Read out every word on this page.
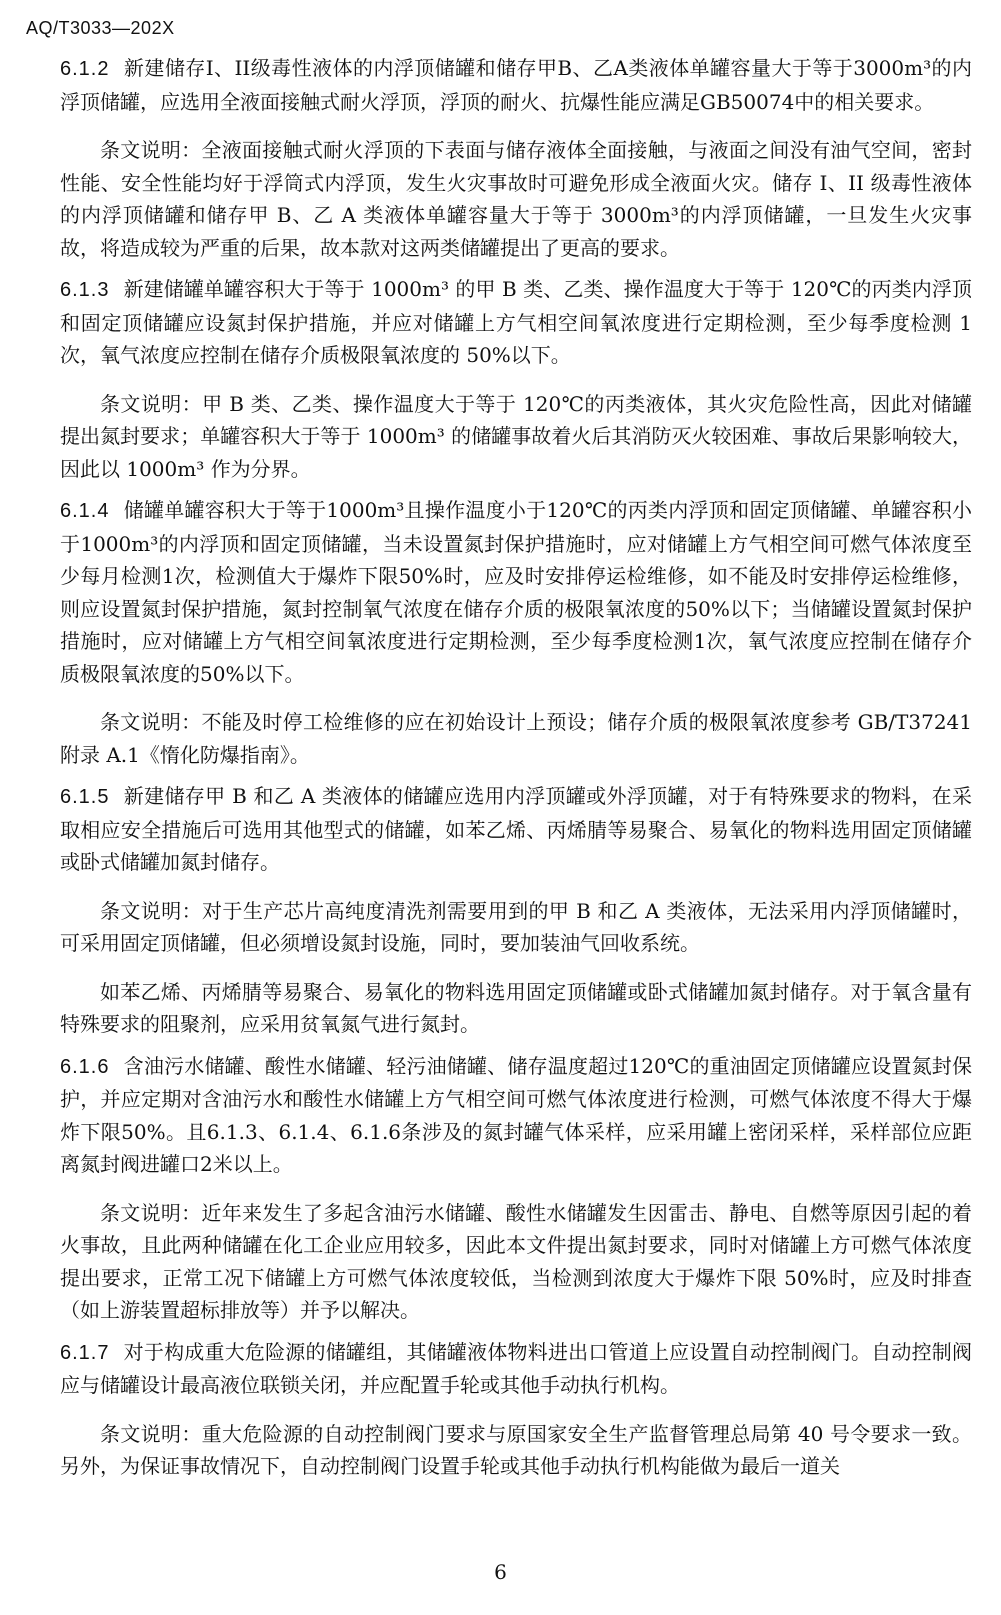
AQ/T3033—202X

6.1.2 新建储存I、II级毒性液体的内浮顶储罐和储存甲B、乙A类液体单罐容量大于等于3000m³的内浮顶储罐，应选用全液面接触式耐火浮顶，浮顶的耐火、抗爆性能应满足GB50074中的相关要求。

条文说明：全液面接触式耐火浮顶的下表面与储存液体全面接触，与液面之间没有油气空间，密封性能、安全性能均好于浮筒式内浮顶，发生火灾事故时可避免形成全液面火灾。储存 I、II 级毒性液体的内浮顶储罐和储存甲 B、乙 A 类液体单罐容量大于等于 3000m³的内浮顶储罐，一旦发生火灾事故，将造成较为严重的后果，故本款对这两类储罐提出了更高的要求。

6.1.3 新建储罐单罐容积大于等于 1000m³ 的甲 B 类、乙类、操作温度大于等于 120℃的丙类内浮顶和固定顶储罐应设氮封保护措施，并应对储罐上方气相空间氧浓度进行定期检测，至少每季度检测 1 次，氧气浓度应控制在储存介质极限氧浓度的 50%以下。

条文说明：甲 B 类、乙类、操作温度大于等于 120℃的丙类液体，其火灾危险性高，因此对储罐提出氮封要求；单罐容积大于等于 1000m³ 的储罐事故着火后其消防灭火较困难、事故后果影响较大，因此以 1000m³ 作为分界。

6.1.4 储罐单罐容积大于等于1000m³且操作温度小于120℃的丙类内浮顶和固定顶储罐、单罐容积小于1000m³的内浮顶和固定顶储罐，当未设置氮封保护措施时，应对储罐上方气相空间可燃气体浓度至少每月检测1次，检测值大于爆炸下限50%时，应及时安排停运检维修，如不能及时安排停运检维修，则应设置氮封保护措施，氮封控制氧气浓度在储存介质的极限氧浓度的50%以下；当储罐设置氮封保护措施时，应对储罐上方气相空间氧浓度进行定期检测，至少每季度检测1次，氧气浓度应控制在储存介质极限氧浓度的50%以下。

条文说明：不能及时停工检维修的应在初始设计上预设；储存介质的极限氧浓度参考 GB/T37241 附录 A.1《惰化防爆指南》。

6.1.5 新建储存甲 B 和乙 A 类液体的储罐应选用内浮顶罐或外浮顶罐，对于有特殊要求的物料，在采取相应安全措施后可选用其他型式的储罐，如苯乙烯、丙烯腈等易聚合、易氧化的物料选用固定顶储罐或卧式储罐加氮封储存。

条文说明：对于生产芯片高纯度清洗剂需要用到的甲 B 和乙 A 类液体，无法采用内浮顶储罐时，可采用固定顶储罐，但必须增设氮封设施，同时，要加装油气回收系统。

如苯乙烯、丙烯腈等易聚合、易氧化的物料选用固定顶储罐或卧式储罐加氮封储存。对于氧含量有特殊要求的阻聚剂，应采用贫氧氮气进行氮封。

6.1.6 含油污水储罐、酸性水储罐、轻污油储罐、储存温度超过120℃的重油固定顶储罐应设置氮封保护，并应定期对含油污水和酸性水储罐上方气相空间可燃气体浓度进行检测，可燃气体浓度不得大于爆炸下限50%。且6.1.3、6.1.4、6.1.6条涉及的氮封罐气体采样，应采用罐上密闭采样，采样部位应距离氮封阀进罐口2米以上。

条文说明：近年来发生了多起含油污水储罐、酸性水储罐发生因雷击、静电、自燃等原因引起的着火事故，且此两种储罐在化工企业应用较多，因此本文件提出氮封要求，同时对储罐上方可燃气体浓度提出要求，正常工况下储罐上方可燃气体浓度较低，当检测到浓度大于爆炸下限 50%时，应及时排查（如上游装置超标排放等）并予以解决。

6.1.7 对于构成重大危险源的储罐组，其储罐液体物料进出口管道上应设置自动控制阀门。自动控制阀应与储罐设计最高液位联锁关闭，并应配置手轮或其他手动执行机构。

条文说明：重大危险源的自动控制阀门要求与原国家安全生产监督管理总局第 40 号令要求一致。另外，为保证事故情况下，自动控制阀门设置手轮或其他手动执行机构能做为最后一道关

6
